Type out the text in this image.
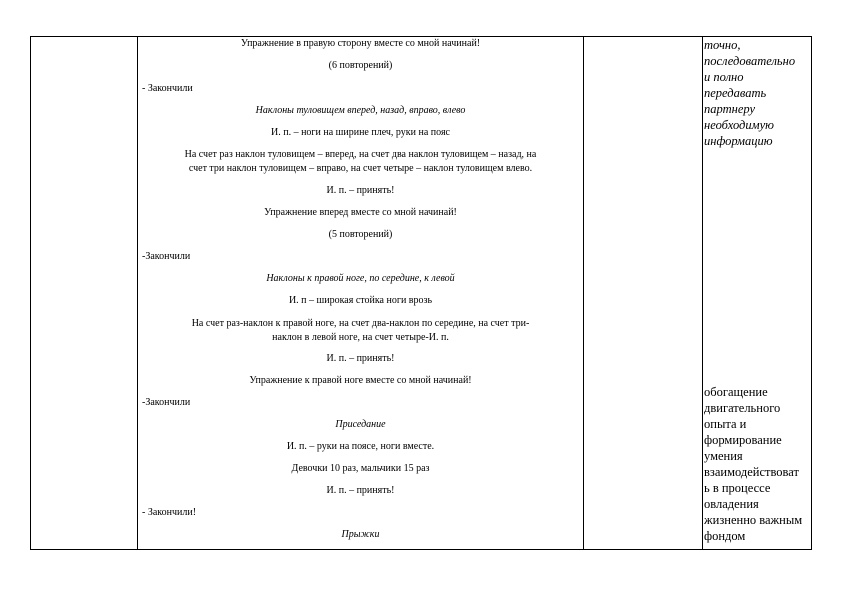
Упражнение в правую сторону вместе со мной начинай!
(6 повторений)
- Закончили
Наклоны туловищем вперед, назад, вправо, влево
И. п. – ноги на ширине плеч, руки на пояс
На счет раз наклон туловищем – вперед, на счет два наклон туловищем – назад, на
счет три наклон туловищем – вправо, на счет четыре – наклон туловищем влево.
И. п. – принять!
Упражнение вперед вместе со мной начинай!
(5 повторений)
-Закончили
Наклоны к правой ноге, по середине, к левой
И. п – широкая стойка ноги врозь
На счет раз-наклон к правой ноге, на счет два-наклон по середине, на счет три-
наклон в левой ноге, на счет четыре-И. п.
И. п. – принять!
Упражнение к правой ноге вместе со мной начинай!
-Закончили
Приседание
И. п. – руки на поясе, ноги вместе.
Девочки 10 раз, мальчики 15 раз
И. п. – принять!
- Закончили!
Прыжки
точно,
последовательно
и полно
передавать
партнеру
необходимую
информацию
обогащение
двигательного
опыта и
формирование
умения
взаимодействоват
ь в процессе
овладения
жизненно важным
фондом
